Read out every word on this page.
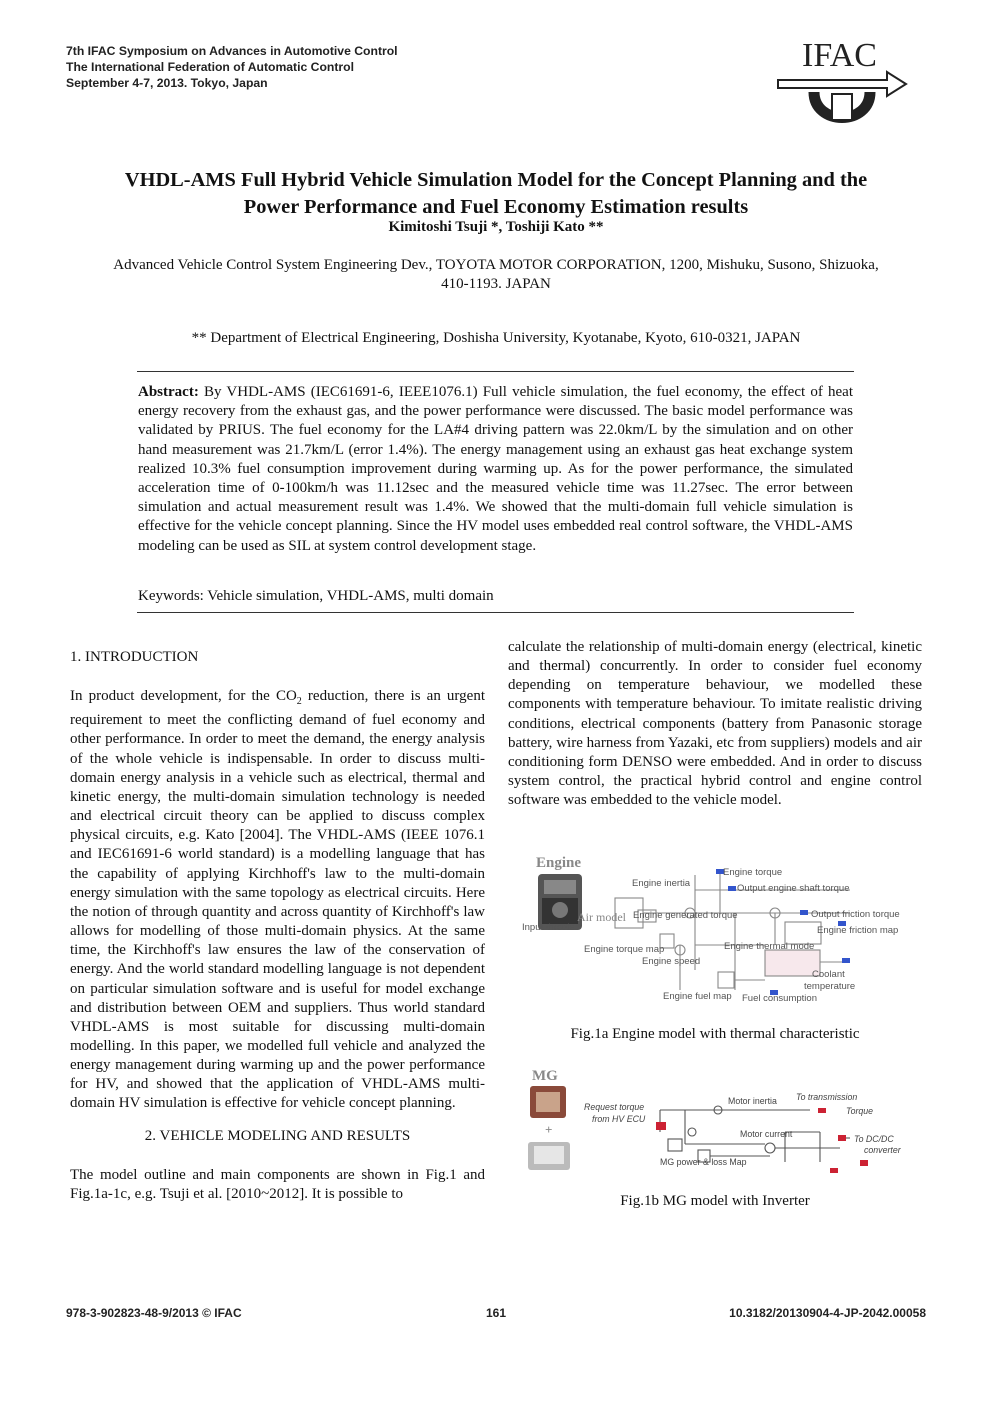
7th IFAC Symposium on Advances in Automotive Control
The International Federation of Automatic Control
September 4-7, 2013. Tokyo, Japan
IFAC
VHDL-AMS Full Hybrid Vehicle Simulation Model for the Concept Planning and the
Power Performance and Fuel Economy Estimation results
Kimitoshi Tsuji *, Toshiji Kato **
Advanced Vehicle Control System Engineering Dev., TOYOTA MOTOR CORPORATION, 1200, Mishuku, Susono, Shizuoka,
410-1193. JAPAN
** Department of Electrical Engineering, Doshisha University, Kyotanabe, Kyoto, 610-0321, JAPAN
Abstract: By VHDL-AMS (IEC61691-6, IEEE1076.1) Full vehicle simulation, the fuel economy, the effect of heat energy recovery from the exhaust gas, and the power performance were discussed. The basic model performance was validated by PRIUS. The fuel economy for the LA#4 driving pattern was 22.0km/L by the simulation and on other hand measurement was 21.7km/L (error 1.4%). The energy management using an exhaust gas heat exchange system realized 10.3% fuel consumption improvement during warming up. As for the power performance, the simulated acceleration time of 0-100km/h was 11.12sec and the measured vehicle time was 11.27sec. The error between simulation and actual measurement result was 1.4%. We showed that the multi-domain full vehicle simulation is effective for the vehicle concept planning. Since the HV model uses embedded real control software, the VHDL-AMS modeling can be used as SIL at system control development stage.
Keywords: Vehicle simulation, VHDL-AMS, multi domain

1. INTRODUCTION

In product development, for the $CO_2$ reduction, there is an urgent requirement to meet the conflicting demand of fuel economy and other performance. In order to meet the demand, the energy analysis of the whole vehicle is indispensable. In order to discuss multi-domain energy analysis in a vehicle such as electrical, thermal and kinetic energy, the multi-domain simulation technology is needed and electrical circuit theory can be applied to discuss complex physical circuits, e.g. Kato [2004]. The VHDL-AMS (IEEE 1076.1 and IEC61691-6 world standard) is a modelling language that has the capability of applying Kirchhoff's law to the multi-domain energy simulation with the same topology as electrical circuits. Here the notion of through quantity and across quantity of Kirchhoff's law allows for modelling of those multi-domain physics. At the same time, the Kirchhoff's law ensures the law of the conservation of energy. And the world standard modelling language is not dependent on particular simulation software and is useful for model exchange and distribution between OEM and suppliers. Thus world standard VHDL-AMS is most suitable for discussing multi-domain modelling. In this paper, we modelled full vehicle and analyzed the energy management during warming up and the power performance for HV, and showed that the application of VHDL-AMS multi-domain HV simulation is effective for vehicle concept planning.

2. VEHICLE MODELING AND RESULTS

The model outline and main components are shown in Fig.1 and Fig.1a-1c, e.g. Tsuji et al. [2010~2012]. It is possible to

calculate the relationship of multi-domain energy (electrical, kinetic and thermal) concurrently. In order to consider fuel economy depending on temperature behaviour, we modelled these components with temperature behaviour. To imitate realistic driving conditions, electrical components (battery from Panasonic storage battery, wire harness from Yazaki, etc from suppliers) models and air conditioning form DENSO were embedded. And in order to discuss system control, the practical hybrid control and engine control software was embedded to the vehicle model.

Engine
Engine torque
Engine inertia	Output engine shaft torque
Air model Engine generated torque	Output friction torque
Input throttle	Engine friction map
Engine torque map	Engine thermal mode
Engine speed
Coolant
temperature
Engine fuel map Fuel consumption
Fig.1a Engine model with thermal characteristic
MG
+
Request torque
from HV ECU
Motor inertia To transmission
Torque
Motor current	To DC/DC
converter
MG power & loss Map
Fig.1b MG model with Inverter
978-3-902823-48-9/2013 © IFAC	161	10.3182/20130904-4-JP-2042.00058
